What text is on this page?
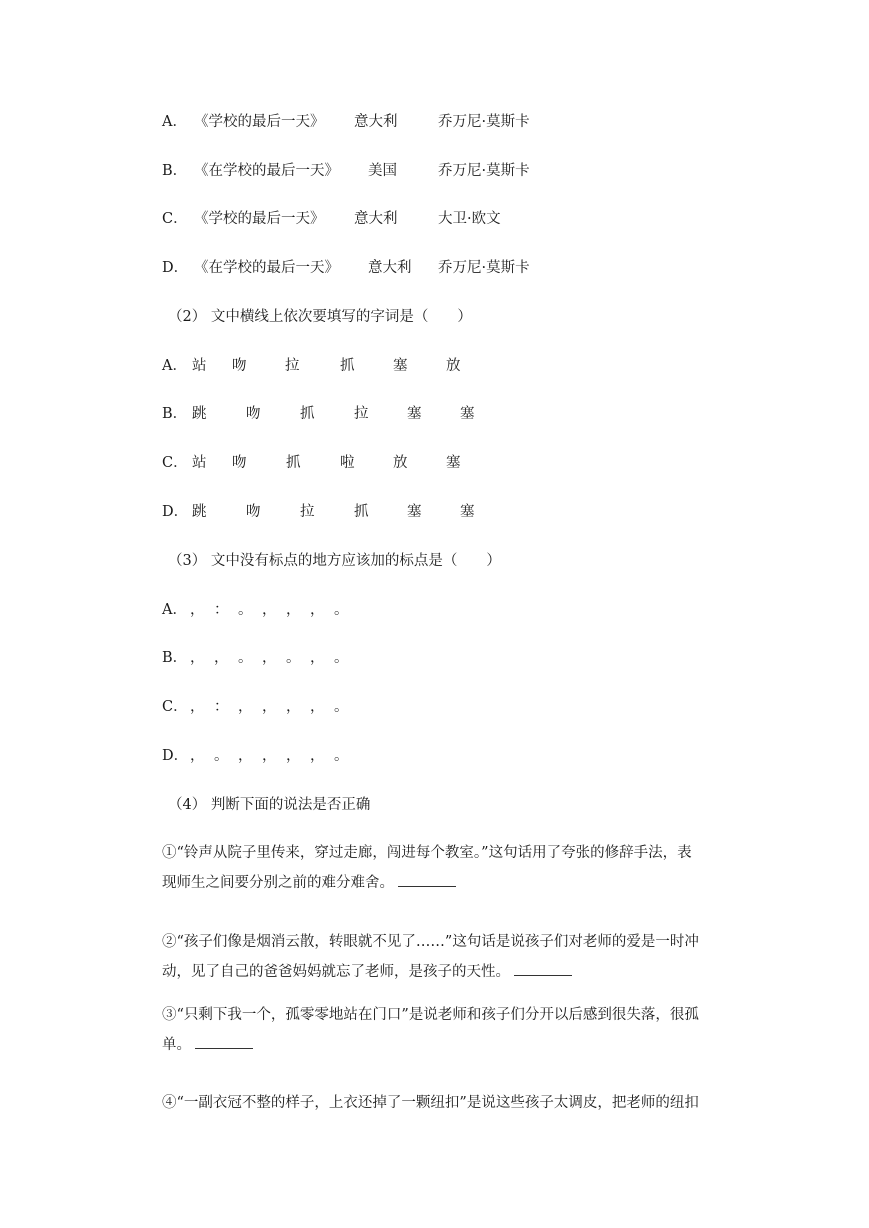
A． 《学校的最后一天》 意大利	乔万尼·莫斯卡
B． 《在学校的最后一天》 美国	乔万尼·莫斯卡
C． 《学校的最后一天》 意大利	大卫·欧文
D． 《在学校的最后一天》 意大利 乔万尼·莫斯卡
（2） 文中横线上依次要填写的字词是（　　）
A． 站 吻	拉	抓	塞	放
B． 跳	吻	抓	拉	塞	塞
C． 站 吻	抓	啦	放	塞
D． 跳	吻	拉	抓	塞	塞
（3） 文中没有标点的地方应该加的标点是（　　）
A． ， ： 。 ， ， ， 。
B． ， ， 。 ， 。 ， 。
C． ， ： ， ， ， ， 。
D． ， 。 ， ， ， ， 。
（4） 判断下面的说法是否正确
①“铃声从院子里传来，穿过走廊，闯进每个教室。”这句话用了夸张的修辞手法，表
现师生之间要分别之前的难分难舍。
②“孩子们像是烟消云散，转眼就不见了……”这句话是说孩子们对老师的爱是一时冲
动，见了自己的爸爸妈妈就忘了老师，是孩子的天性。
③“只剩下我一个，孤零零地站在门口”是说老师和孩子们分开以后感到很失落，很孤
单。
④“一副衣冠不整的样子，上衣还掉了一颗纽扣”是说这些孩子太调皮，把老师的纽扣
